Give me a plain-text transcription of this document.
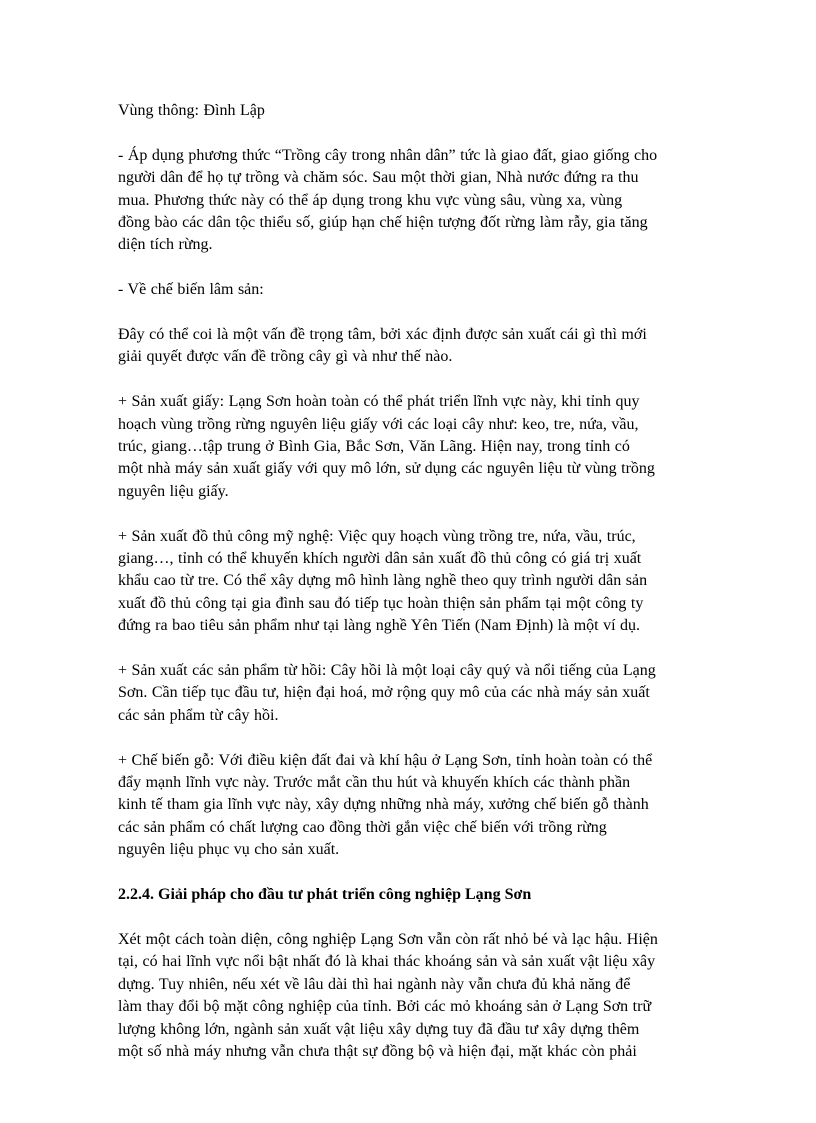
Vùng thông: Đình Lập

- Áp dụng phương thức “Trồng cây trong nhân dân” tức là giao đất, giao giống cho
người dân để họ tự trồng và chăm sóc. Sau một thời gian, Nhà nước đứng ra thu
mua. Phương thức này có thể áp dụng trong khu vực vùng sâu, vùng xa, vùng
đồng bào các dân tộc thiểu số, giúp hạn chế hiện tượng đốt rừng làm rẫy, gia tăng
diện tích rừng.

- Về chế biến lâm sản:

Đây có thể coi là một vấn đề trọng tâm, bởi xác định được sản xuất cái gì thì mới
giải quyết được vấn đề trồng cây gì và như thế nào.

+ Sản xuất giấy: Lạng Sơn hoàn toàn có thể phát triển lĩnh vực này, khi tỉnh quy
hoạch vùng trồng rừng nguyên liệu giấy với các loại cây như: keo, tre, nứa, vầu,
trúc, giang…tập trung ở Bình Gia, Bắc Sơn, Văn Lãng. Hiện nay, trong tỉnh có
một nhà máy sản xuất giấy với quy mô lớn, sử dụng các nguyên liệu từ vùng trồng
nguyên liệu giấy.

+ Sản xuất đồ thủ công mỹ nghệ: Việc quy hoạch vùng trồng tre, nứa, vầu, trúc,
giang…, tỉnh có thể khuyến khích người dân sản xuất đồ thủ công có giá trị xuất
khẩu cao từ tre. Có thể xây dựng mô hình làng nghề theo quy trình người dân sản
xuất đồ thủ công tại gia đình sau đó tiếp tục hoàn thiện sản phẩm tại một công ty
đứng ra bao tiêu sản phẩm như tại làng nghề Yên Tiến (Nam Định) là một ví dụ.

+ Sản xuất các sản phẩm từ hồi: Cây hồi là một loại cây quý và nổi tiếng của Lạng
Sơn. Cần tiếp tục đầu tư, hiện đại hoá, mở rộng quy mô của các nhà máy sản xuất
các sản phẩm từ cây hồi.

+ Chế biến gỗ: Với điều kiện đất đai và khí hậu ở Lạng Sơn, tỉnh hoàn toàn có thể
đẩy mạnh lĩnh vực này. Trước mắt cần thu hút và khuyến khích các thành phần
kinh tế tham gia lĩnh vực này, xây dựng những nhà máy, xưởng chế biến gỗ thành
các sản phẩm có chất lượng cao đồng thời gắn việc chế biến với trồng rừng
nguyên liệu phục vụ cho sản xuất.

2.2.4. Giải pháp cho đầu tư phát triển công nghiệp Lạng Sơn

Xét một cách toàn diện, công nghiệp Lạng Sơn vẫn còn rất nhỏ bé và lạc hậu. Hiện
tại, có hai lĩnh vực nổi bật nhất đó là khai thác khoáng sản và sản xuất vật liệu xây
dựng. Tuy nhiên, nếu xét về lâu dài thì hai ngành này vẫn chưa đủ khả năng để
làm thay đổi bộ mặt công nghiệp của tỉnh. Bởi các mỏ khoáng sản ở Lạng Sơn trữ
lượng không lớn, ngành sản xuất vật liệu xây dựng tuy đã đầu tư xây dựng thêm
một số nhà máy nhưng vẫn chưa thật sự đồng bộ và hiện đại, mặt khác còn phải
